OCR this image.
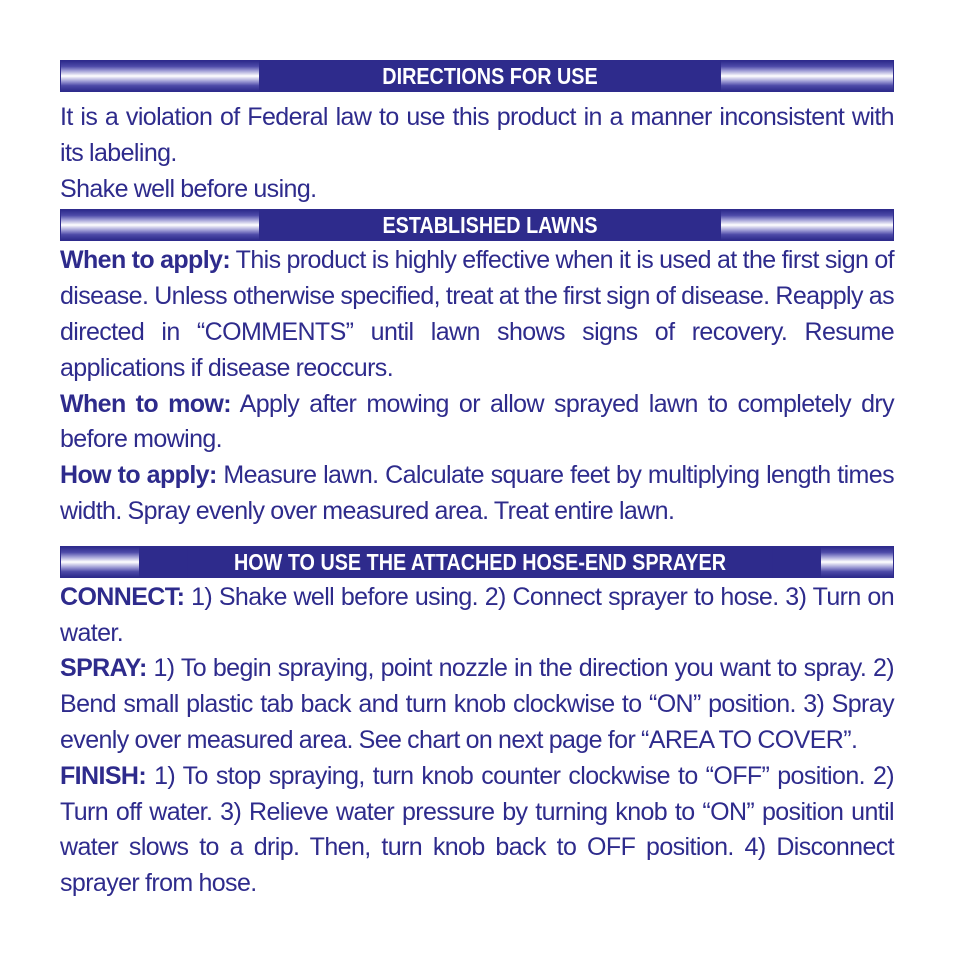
DIRECTIONS FOR USE

It is a violation of Federal law to use this product in a manner inconsistent with its labeling.

Shake well before using.

ESTABLISHED LAWNS

When to apply: This product is highly effective when it is used at the first sign of disease. Unless otherwise specified, treat at the first sign of disease. Reapply as directed in “COMMENTS” until lawn shows signs of recovery. Resume applications if disease reoccurs.

When to mow: Apply after mowing or allow sprayed lawn to completely dry before mowing.

How to apply: Measure lawn. Calculate square feet by multiplying length times width. Spray evenly over measured area. Treat entire lawn.

HOW TO USE THE ATTACHED HOSE-END SPRAYER

CONNECT: 1) Shake well before using. 2) Connect sprayer to hose. 3) Turn on water.

SPRAY: 1) To begin spraying, point nozzle in the direction you want to spray. 2) Bend small plastic tab back and turn knob clockwise to “ON” position. 3) Spray evenly over measured area. See chart on next page for “AREA TO COVER”.

FINISH: 1) To stop spraying, turn knob counter clockwise to “OFF” position. 2) Turn off water. 3) Relieve water pressure by turning knob to “ON” position until water slows to a drip. Then, turn knob back to OFF position. 4) Disconnect sprayer from hose.
